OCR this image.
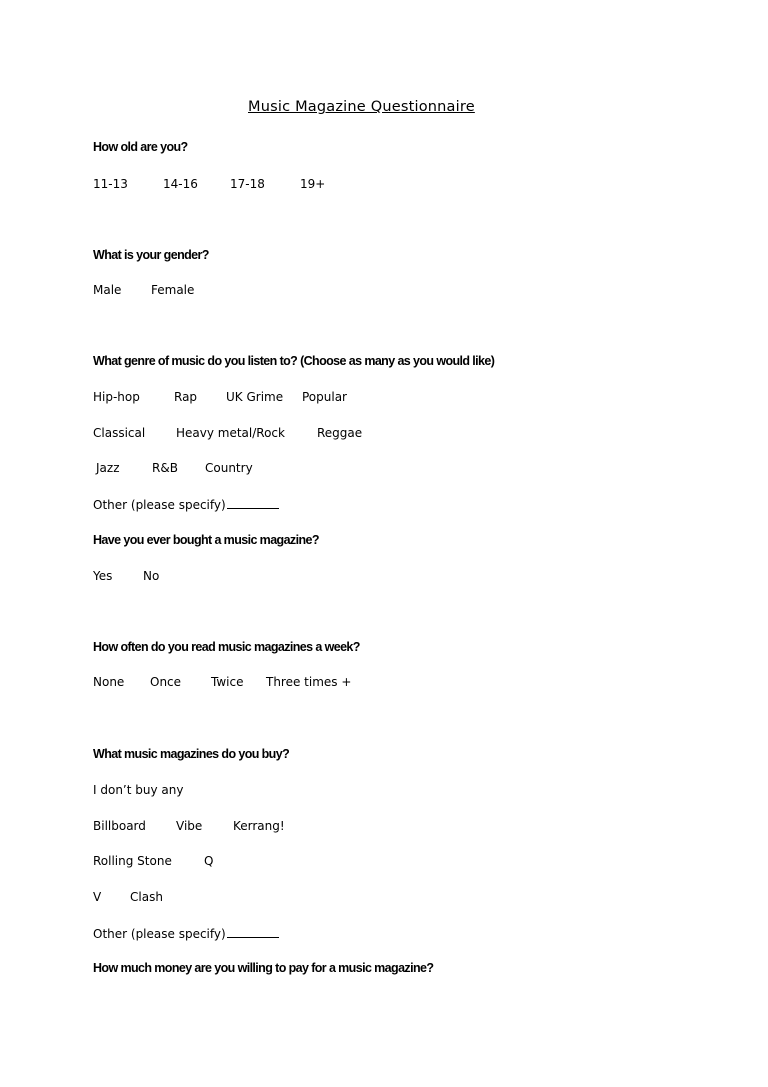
Music Magazine Questionnaire
How old are you?
11-13	14-16	17-18	19+
What is your gender?
Male Female
What genre of music do you listen to? (Choose as many as you would like)
Hip-hop	Rap UK Grime Popular
Classical	Heavy metal/Rock	Reggae
Jazz	R&B Country
Other (please specify)
Have you ever bought a music magazine?
Yes	No
How often do you read music magazines a week?
None Once Twice Three times +
What music magazines do you buy?
I don’t buy any
Billboard	Vibe	Kerrang!
Rolling Stone	Q
V Clash
Other (please specify)
How much money are you willing to pay for a music magazine?
